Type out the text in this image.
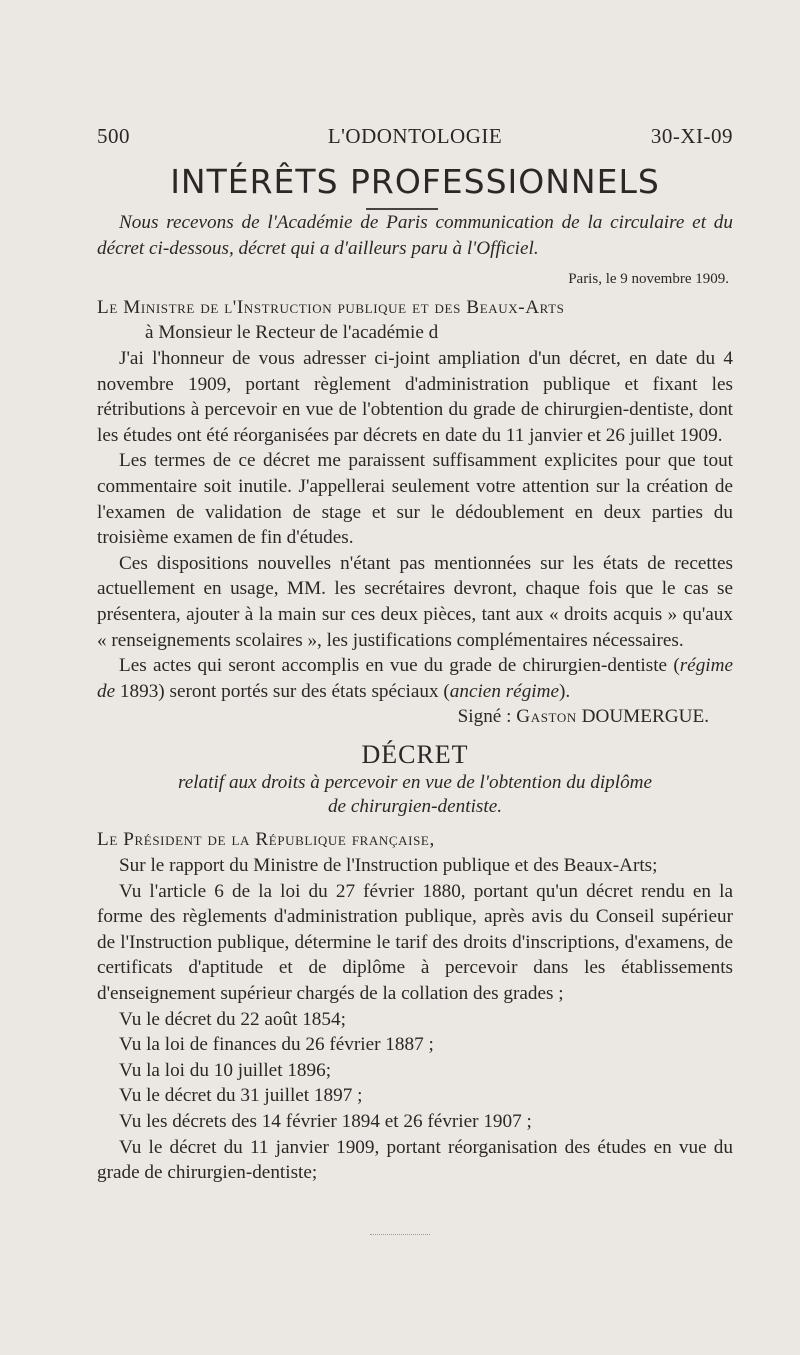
500	L'ODONTOLOGIE	30-XI-09
INTÉRÊTS PROFESSIONNELS

Nous recevons de l'Académie de Paris communication de la circulaire et du décret ci-dessous, décret qui a d'ailleurs paru à l'Officiel.

Paris, le 9 novembre 1909.

Le Ministre de l'Instruction publique et des Beaux-Arts

à Monsieur le Recteur de l'académie d

J'ai l'honneur de vous adresser ci-joint ampliation d'un décret, en date du 4 novembre 1909, portant règlement d'administration publique et fixant les rétributions à percevoir en vue de l'obtention du grade de chirurgien-dentiste, dont les études ont été réorganisées par décrets en date du 11 janvier et 26 juillet 1909.

Les termes de ce décret me paraissent suffisamment explicites pour que tout commentaire soit inutile. J'appellerai seulement votre attention sur la création de l'examen de validation de stage et sur le dédoublement en deux parties du troisième examen de fin d'études.

Ces dispositions nouvelles n'étant pas mentionnées sur les états de recettes actuellement en usage, MM. les secrétaires devront, chaque fois que le cas se présentera, ajouter à la main sur ces deux pièces, tant aux « droits acquis » qu'aux « renseignements scolaires », les justifications complémentaires nécessaires.

Les actes qui seront accomplis en vue du grade de chirurgien-dentiste (régime de 1893) seront portés sur des états spéciaux (ancien régime).

Signé : Gaston DOUMERGUE.

DÉCRET

relatif aux droits à percevoir en vue de l'obtention du diplôme

de chirurgien-dentiste.

Le Président de la République française,

Sur le rapport du Ministre de l'Instruction publique et des Beaux-Arts;

Vu l'article 6 de la loi du 27 février 1880, portant qu'un décret rendu en la forme des règlements d'administration publique, après avis du Conseil supérieur de l'Instruction publique, détermine le tarif des droits d'inscriptions, d'examens, de certificats d'aptitude et de diplôme à percevoir dans les établissements d'enseignement supérieur chargés de la collation des grades ;

Vu le décret du 22 août 1854;

Vu la loi de finances du 26 février 1887 ;

Vu la loi du 10 juillet 1896;

Vu le décret du 31 juillet 1897 ;

Vu les décrets des 14 février 1894 et 26 février 1907 ;

Vu le décret du 11 janvier 1909, portant réorganisation des études en vue du grade de chirurgien-dentiste;
